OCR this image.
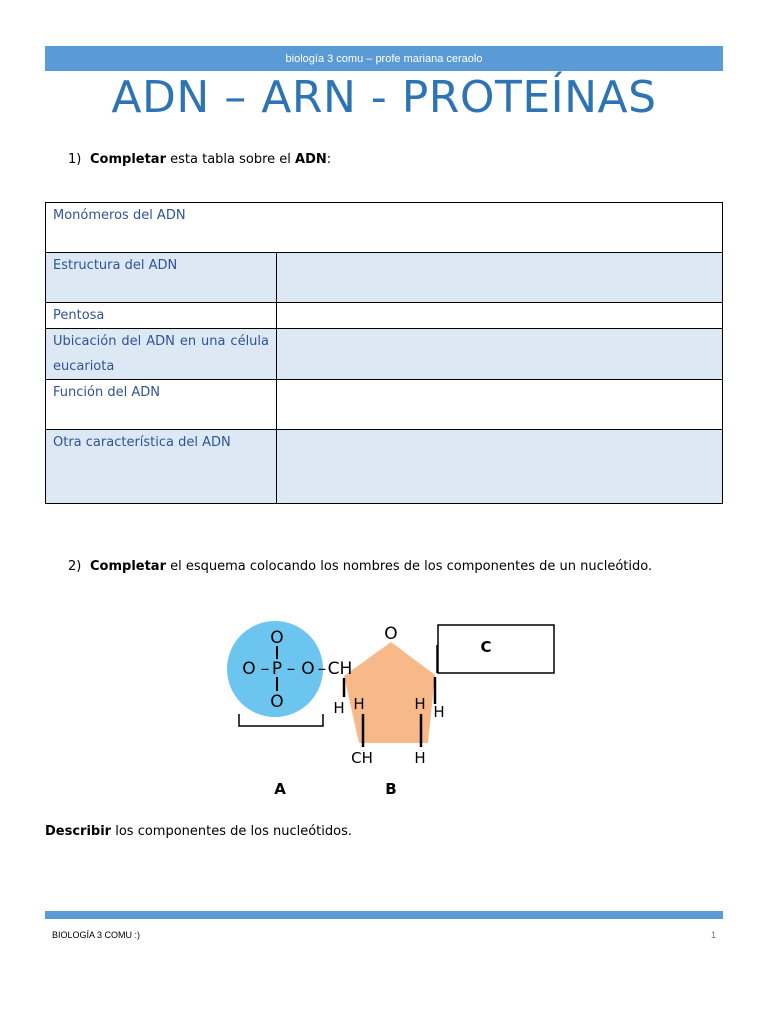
biología 3 comu – profe mariana ceraolo
ADN – ARN - PROTEÍNAS
1) Completar esta tabla sobre el ADN:
Monómeros del ADN	
Estructura del ADN	
Pentosa	
Ubicación del ADN en una célula eucariota	
Función del ADN	
Otra característica del ADN	
2) Completar el esquema colocando los nombres de los componentes de un nucleótido.
O
O – P – O – CH
O
O
H H	H H
CH	H
C
A	B
Describir los componentes de los nucleótidos.
BIOLOGÍA 3 COMU :)	1
